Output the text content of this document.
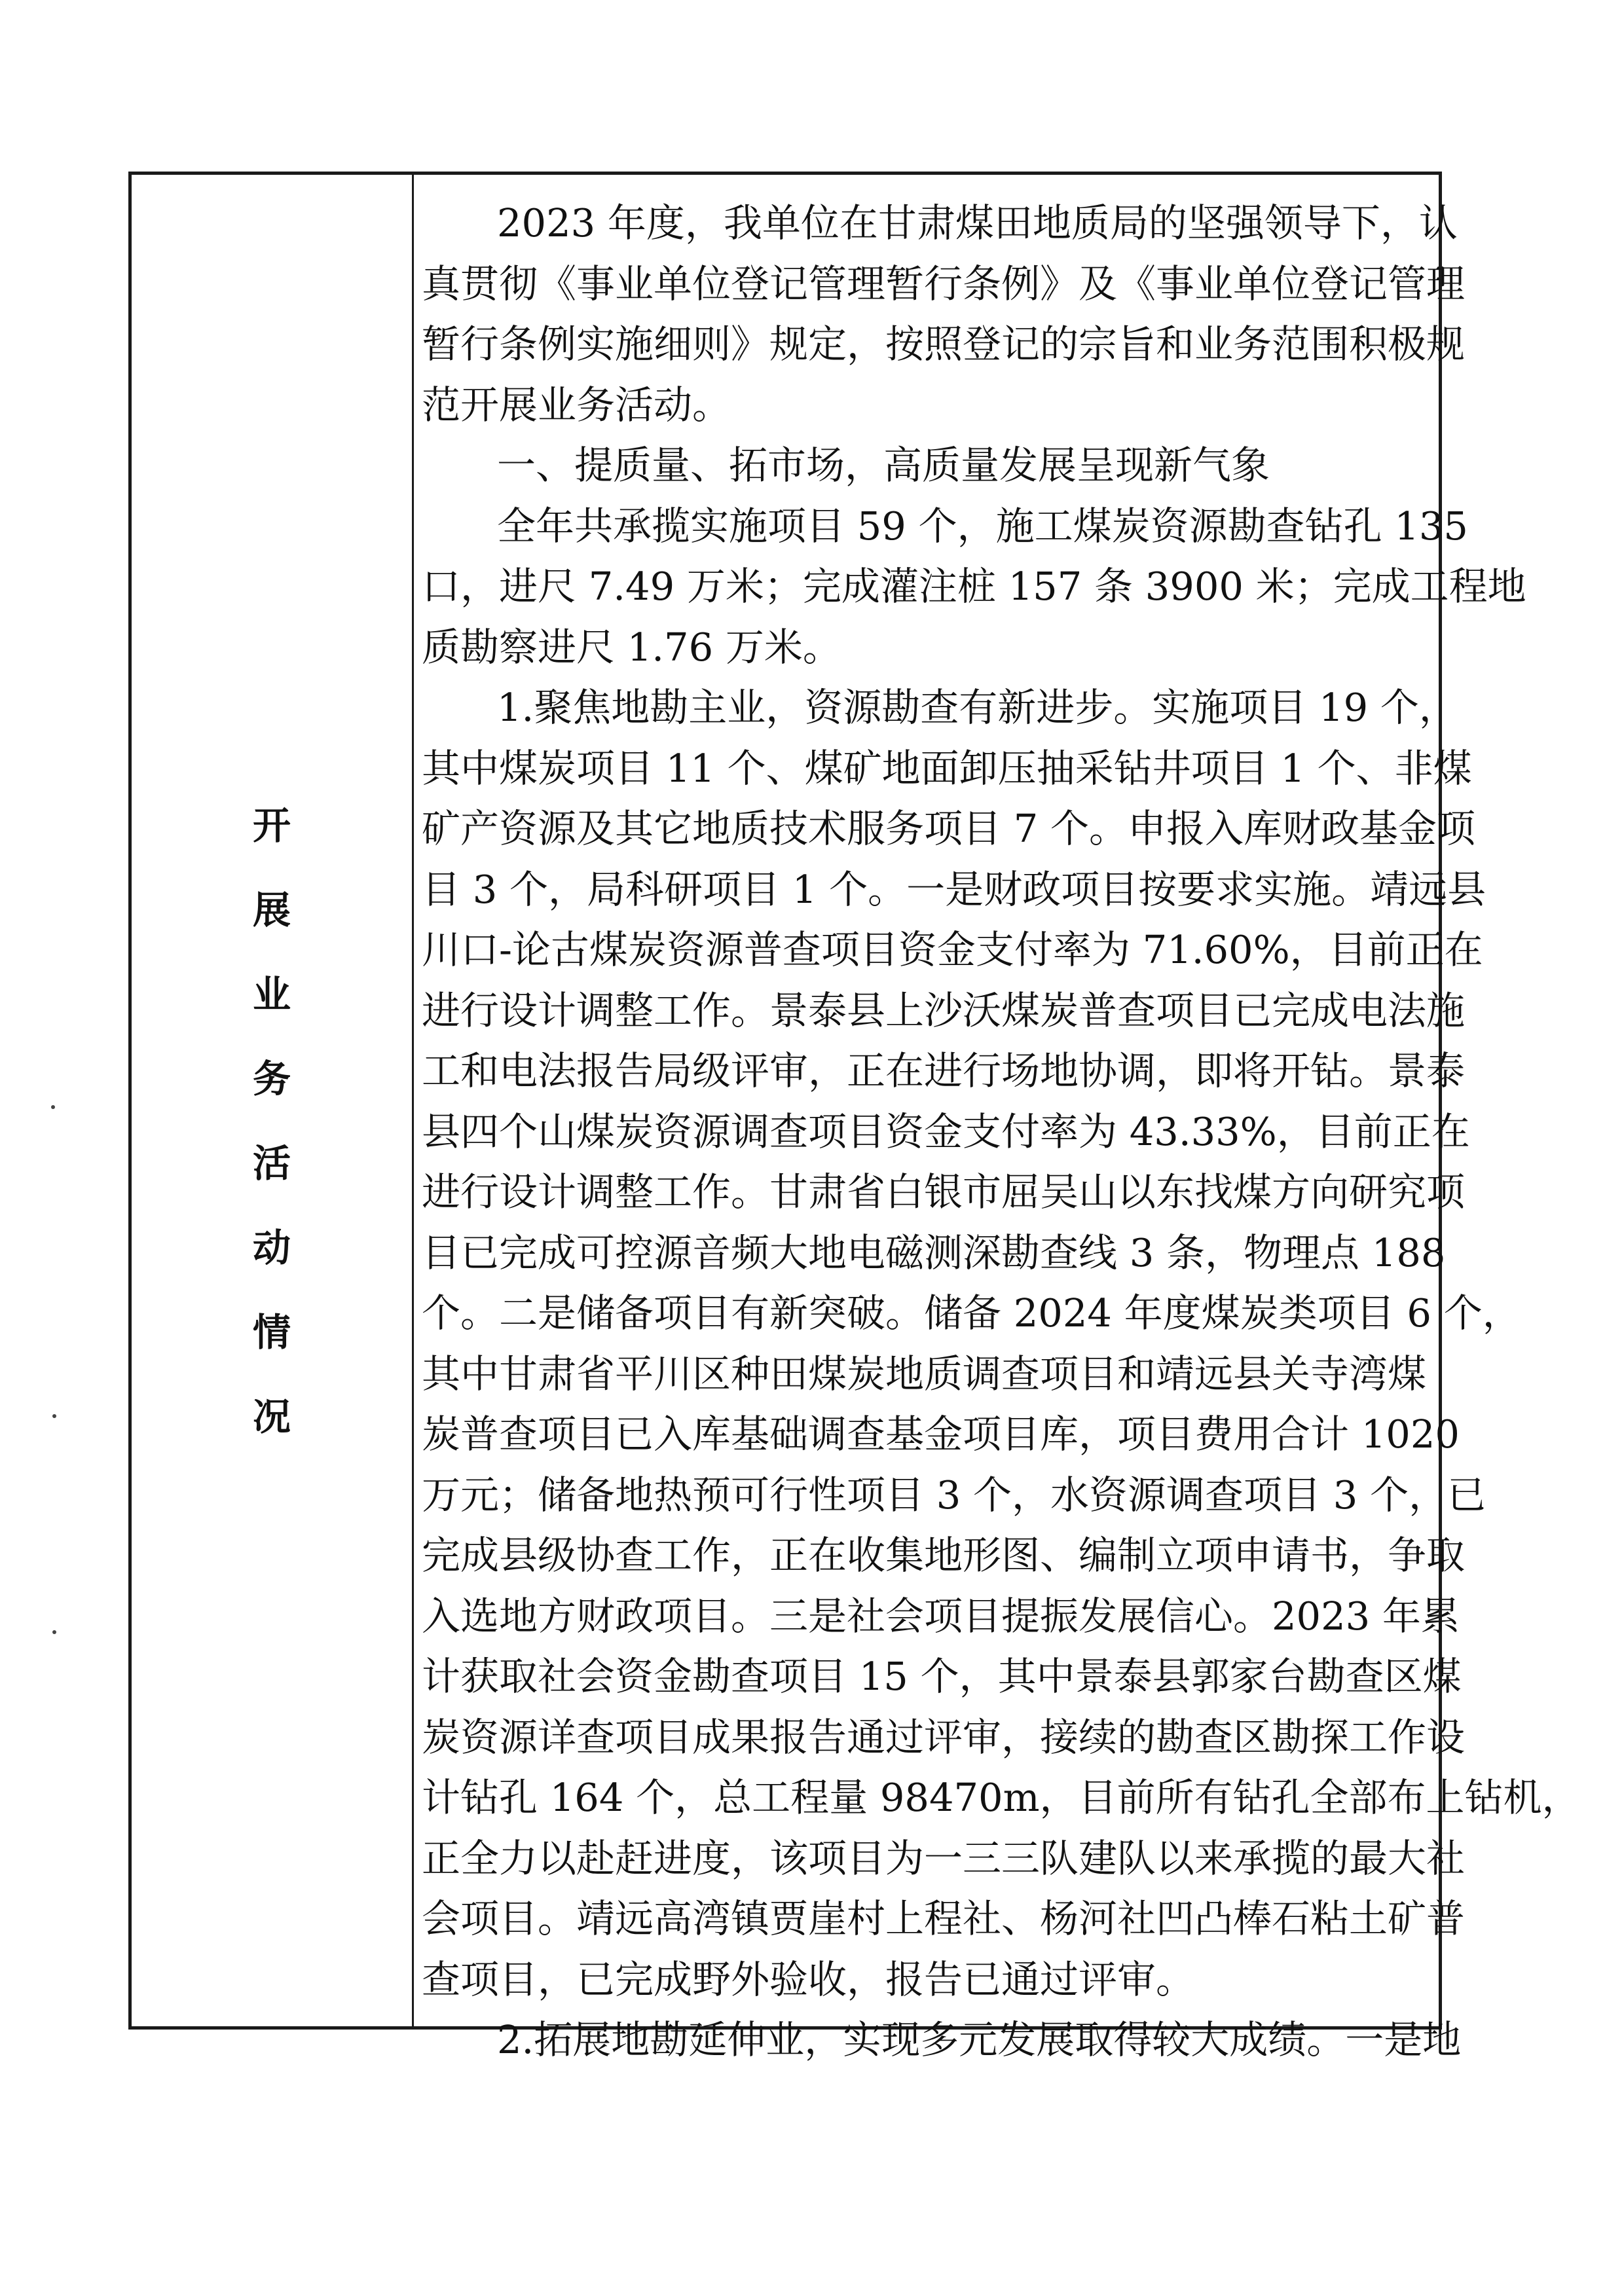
开
展
业
务
活
动
情
况
2023 年度，我单位在甘肃煤田地质局的坚强领导下，认
真贯彻《事业单位登记管理暂行条例》及《事业单位登记管理
暂行条例实施细则》规定，按照登记的宗旨和业务范围积极规
范开展业务活动。
一、提质量、拓市场，高质量发展呈现新气象
全年共承揽实施项目 59 个，施工煤炭资源勘查钻孔 135
口，进尺 7.49 万米；完成灌注桩 157 条 3900 米；完成工程地
质勘察进尺 1.76 万米。
1.聚焦地勘主业，资源勘查有新进步。实施项目 19 个，
其中煤炭项目 11 个、煤矿地面卸压抽采钻井项目 1 个、非煤
矿产资源及其它地质技术服务项目 7 个。申报入库财政基金项
目 3 个，局科研项目 1 个。一是财政项目按要求实施。靖远县
川口-论古煤炭资源普查项目资金支付率为 71.60%，目前正在
进行设计调整工作。景泰县上沙沃煤炭普查项目已完成电法施
工和电法报告局级评审，正在进行场地协调，即将开钻。景泰
县四个山煤炭资源调查项目资金支付率为 43.33%，目前正在
进行设计调整工作。甘肃省白银市屈吴山以东找煤方向研究项
目已完成可控源音频大地电磁测深勘查线 3 条，物理点 188
个。二是储备项目有新突破。储备 2024 年度煤炭类项目 6 个，
其中甘肃省平川区种田煤炭地质调查项目和靖远县关寺湾煤
炭普查项目已入库基础调查基金项目库，项目费用合计 1020
万元；储备地热预可行性项目 3 个，水资源调查项目 3 个，已
完成县级协查工作，正在收集地形图、编制立项申请书，争取
入选地方财政项目。三是社会项目提振发展信心。2023 年累
计获取社会资金勘查项目 15 个，其中景泰县郭家台勘查区煤
炭资源详查项目成果报告通过评审，接续的勘查区勘探工作设
计钻孔 164 个，总工程量 98470m，目前所有钻孔全部布上钻机，
正全力以赴赶进度，该项目为一三三队建队以来承揽的最大社
会项目。靖远高湾镇贾崖村上程社、杨河社凹凸棒石粘土矿普
查项目，已完成野外验收，报告已通过评审。
2.拓展地勘延伸业，实现多元发展取得较大成绩。一是地
